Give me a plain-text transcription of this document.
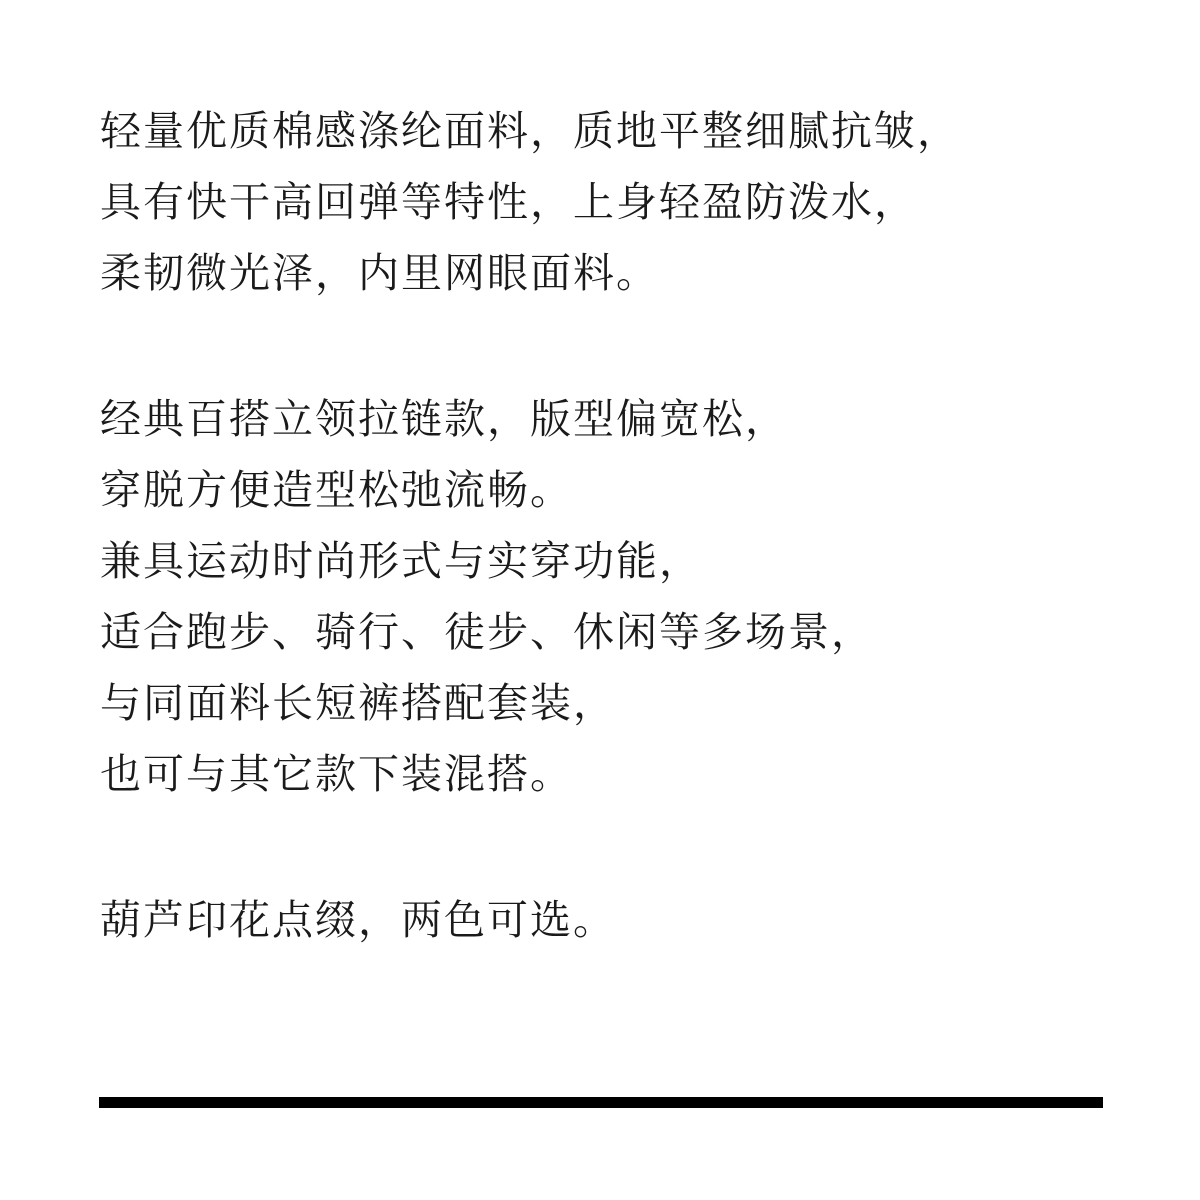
轻量优质棉感涤纶面料，质地平整细腻抗皱，
具有快干高回弹等特性，上身轻盈防泼水，
柔韧微光泽，内里网眼面料。
经典百搭立领拉链款，版型偏宽松，
穿脱方便造型松弛流畅。
兼具运动时尚形式与实穿功能，
适合跑步、骑行、徒步、休闲等多场景，
与同面料长短裤搭配套装，
也可与其它款下装混搭。
葫芦印花点缀，两色可选。
